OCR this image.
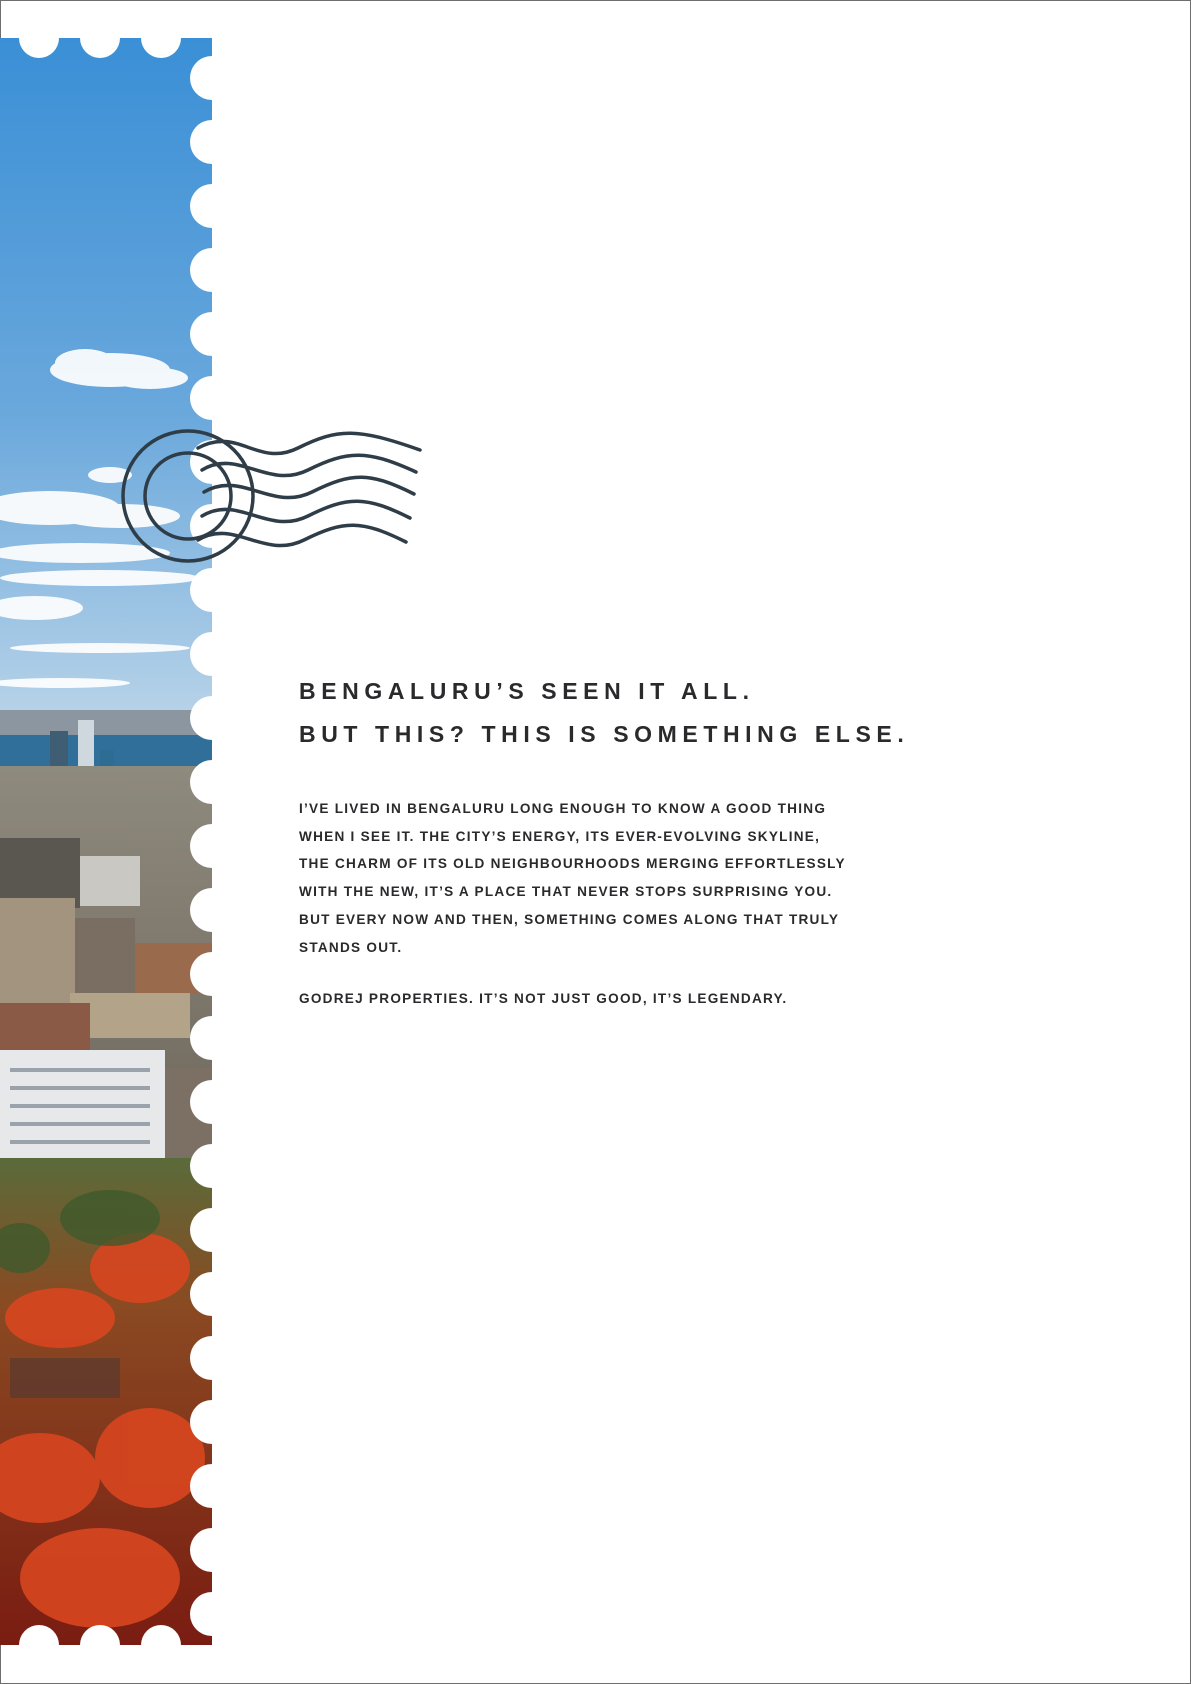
BENGALURU’S SEEN IT ALL.
BUT THIS? THIS IS SOMETHING ELSE.

I’VE LIVED IN BENGALURU LONG ENOUGH TO KNOW A GOOD THING
WHEN I SEE IT. THE CITY’S ENERGY, ITS EVER-EVOLVING SKYLINE,
THE CHARM OF ITS OLD NEIGHBOURHOODS MERGING EFFORTLESSLY
WITH THE NEW, IT’S A PLACE THAT NEVER STOPS SURPRISING YOU.
BUT EVERY NOW AND THEN, SOMETHING COMES ALONG THAT TRULY
STANDS OUT.

GODREJ PROPERTIES. IT’S NOT JUST GOOD, IT’S LEGENDARY.
